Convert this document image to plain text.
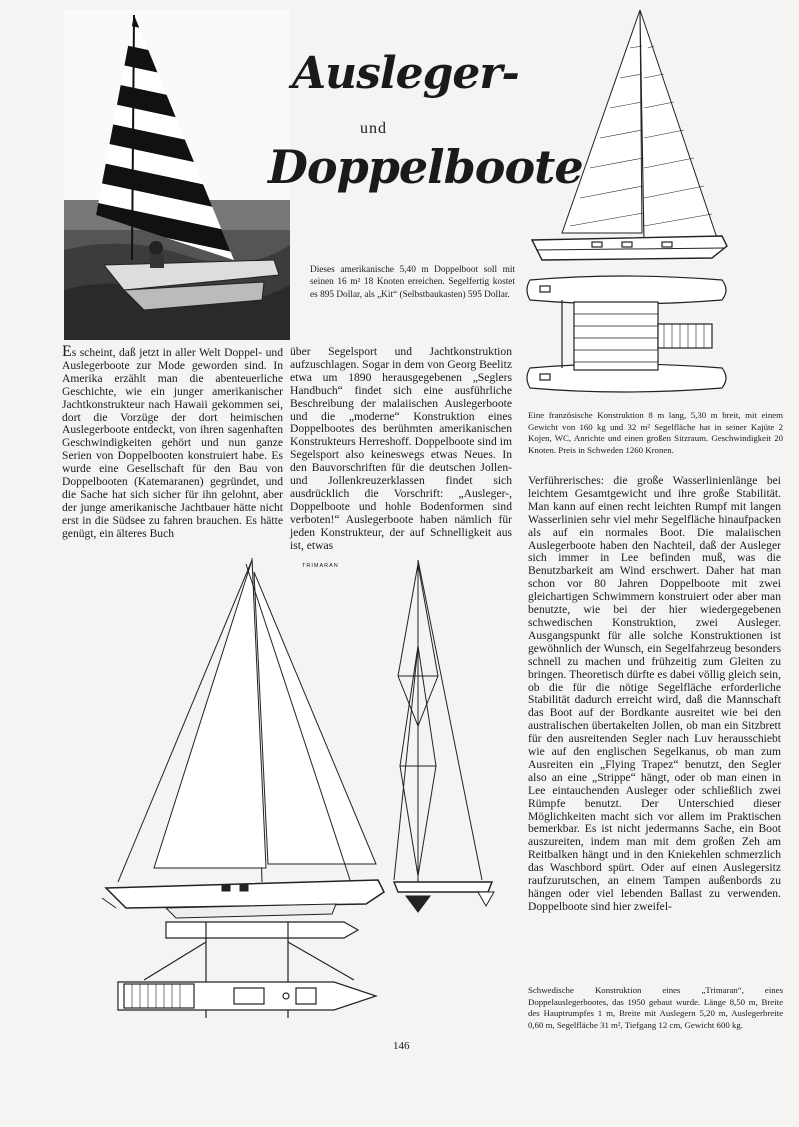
Ausleger-
und
Doppelboote
Dieses amerikanische 5,40 m Doppelboot soll mit seinen 16 m² 18 Knoten erreichen. Segelfertig kostet es 895 Dollar, als „Kit“ (Selbstbaukasten) 595 Dollar.
Eine französische Konstruktion 8 m lang, 5,30 m breit, mit einem Gewicht von 160 kg und 32 m² Segelfläche hat in seiner Kajüte 2 Kojen, WC, Anrichte und einen großen Sitzraum. Geschwindigkeit 20 Knoten. Preis in Schweden 1260 Kronen.
Es scheint, daß jetzt in aller Welt Doppel- und Auslegerboote zur Mode geworden sind. In Amerika erzählt man die abenteuerliche Geschichte, wie ein junger amerikanischer Jachtkonstrukteur nach Hawaii gekommen sei, dort die Vorzüge der dort heimischen Auslegerboote entdeckt, von ihren sagenhaften Geschwindigkeiten gehört und nun ganze Serien von Doppelbooten konstruiert habe. Es wurde eine Gesellschaft für den Bau von Doppelbooten (Katemaranen) gegründet, und die Sache hat sich sicher für ihn gelohnt, aber der junge amerikanische Jachtbauer hätte nicht erst in die Südsee zu fahren brauchen. Es hätte genügt, ein älteres Buch
über Segelsport und Jachtkonstruktion aufzuschlagen. Sogar in dem von Georg Beelitz etwa um 1890 herausgegebenen „Seglers Handbuch“ findet sich eine ausführliche Beschreibung der malaiischen Auslegerboote und die „moderne“ Konstruktion eines Doppelbootes des berühmten amerikanischen Konstrukteurs Herreshoff. Doppelboote sind im Segelsport also keineswegs etwas Neues. In den Bauvorschriften für die deutschen Jollen- und Jollenkreuzerklassen findet sich ausdrücklich die Vorschrift: „Ausleger-, Doppelboote und hohle Bodenformen sind verboten!“ Auslegerboote haben nämlich für jeden Konstrukteur, der auf Schnelligkeit aus ist, etwas
Verführerisches: die große Wasserlinienlänge bei leichtem Gesamtgewicht und ihre große Stabilität. Man kann auf einen recht leichten Rumpf mit langen Wasserlinien sehr viel mehr Segelfläche hinaufpacken als auf ein normales Boot. Die malaiischen Auslegerboote haben den Nachteil, daß der Ausleger sich immer in Lee befinden muß, was die Benutzbarkeit am Wind erschwert. Daher hat man schon vor 80 Jahren Doppelboote mit zwei gleichartigen Schwimmern konstruiert oder aber man benutzte, wie bei der hier wiedergegebenen schwedischen Konstruktion, zwei Ausleger. Ausgangspunkt für alle solche Konstruktionen ist gewöhnlich der Wunsch, ein Segelfahrzeug besonders schnell zu machen und frühzeitig zum Gleiten zu bringen. Theoretisch dürfte es dabei völlig gleich sein, ob die für die nötige Segelfläche erforderliche Stabilität dadurch erreicht wird, daß die Mannschaft das Boot auf der Bordkante ausreitet wie bei den australischen übertakelten Jollen, ob man ein Sitzbrett für den ausreitenden Segler nach Luv herausschiebt wie auf den englischen Segelkanus, ob man zum Ausreiten ein „Flying Trapez“ benutzt, den Segler also an eine „Strippe“ hängt, oder ob man einen in Lee eintauchenden Ausleger oder schließlich zwei Rümpfe benutzt. Der Unterschied dieser Möglichkeiten macht sich vor allem im Praktischen bemerkbar. Es ist nicht jedermanns Sache, ein Boot auszureiten, indem man mit dem großen Zeh am Reitbalken hängt und in den Kniekehlen schmerzlich das Waschbord spürt. Oder auf einen Auslegersitz raufzurutschen, an einem Tampen außenbords zu hängen oder viel lebenden Ballast zu verwenden. Doppelboote sind hier zweifel-
TRIMARAN
Schwedische Konstruktion eines „Trimaran“, eines Doppelauslegerbootes, das 1950 gebaut wurde. Länge 8,50 m, Breite des Hauptrumpfes 1 m, Breite mit Auslegern 5,20 m, Auslegerbreite 0,60 m, Segelfläche 31 m², Tiefgang 12 cm, Gewicht 600 kg.
146
